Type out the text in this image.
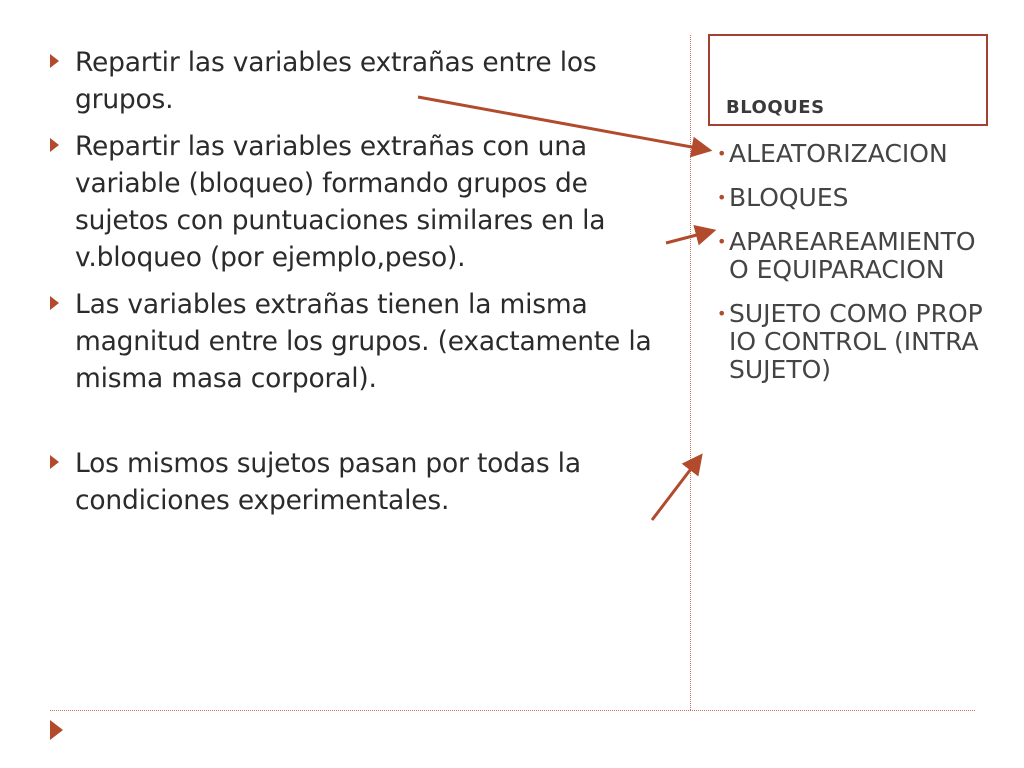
Repartir las variables extrañas entre los grupos.
Repartir las variables extrañas con una variable (bloqueo) formando grupos de sujetos con puntuaciones similares en la v.bloqueo (por ejemplo,peso).
Las variables extrañas tienen la misma magnitud entre los grupos. (exactamente la misma masa corporal).
Los mismos sujetos pasan por todas la condiciones experimentales.
BLOQUES
• ALEATORIZACION
• BLOQUES
• APAREAREAMIENTO O EQUIPARACION
• SUJETO COMO PROPIO CONTROL (INTRASUJETO)
